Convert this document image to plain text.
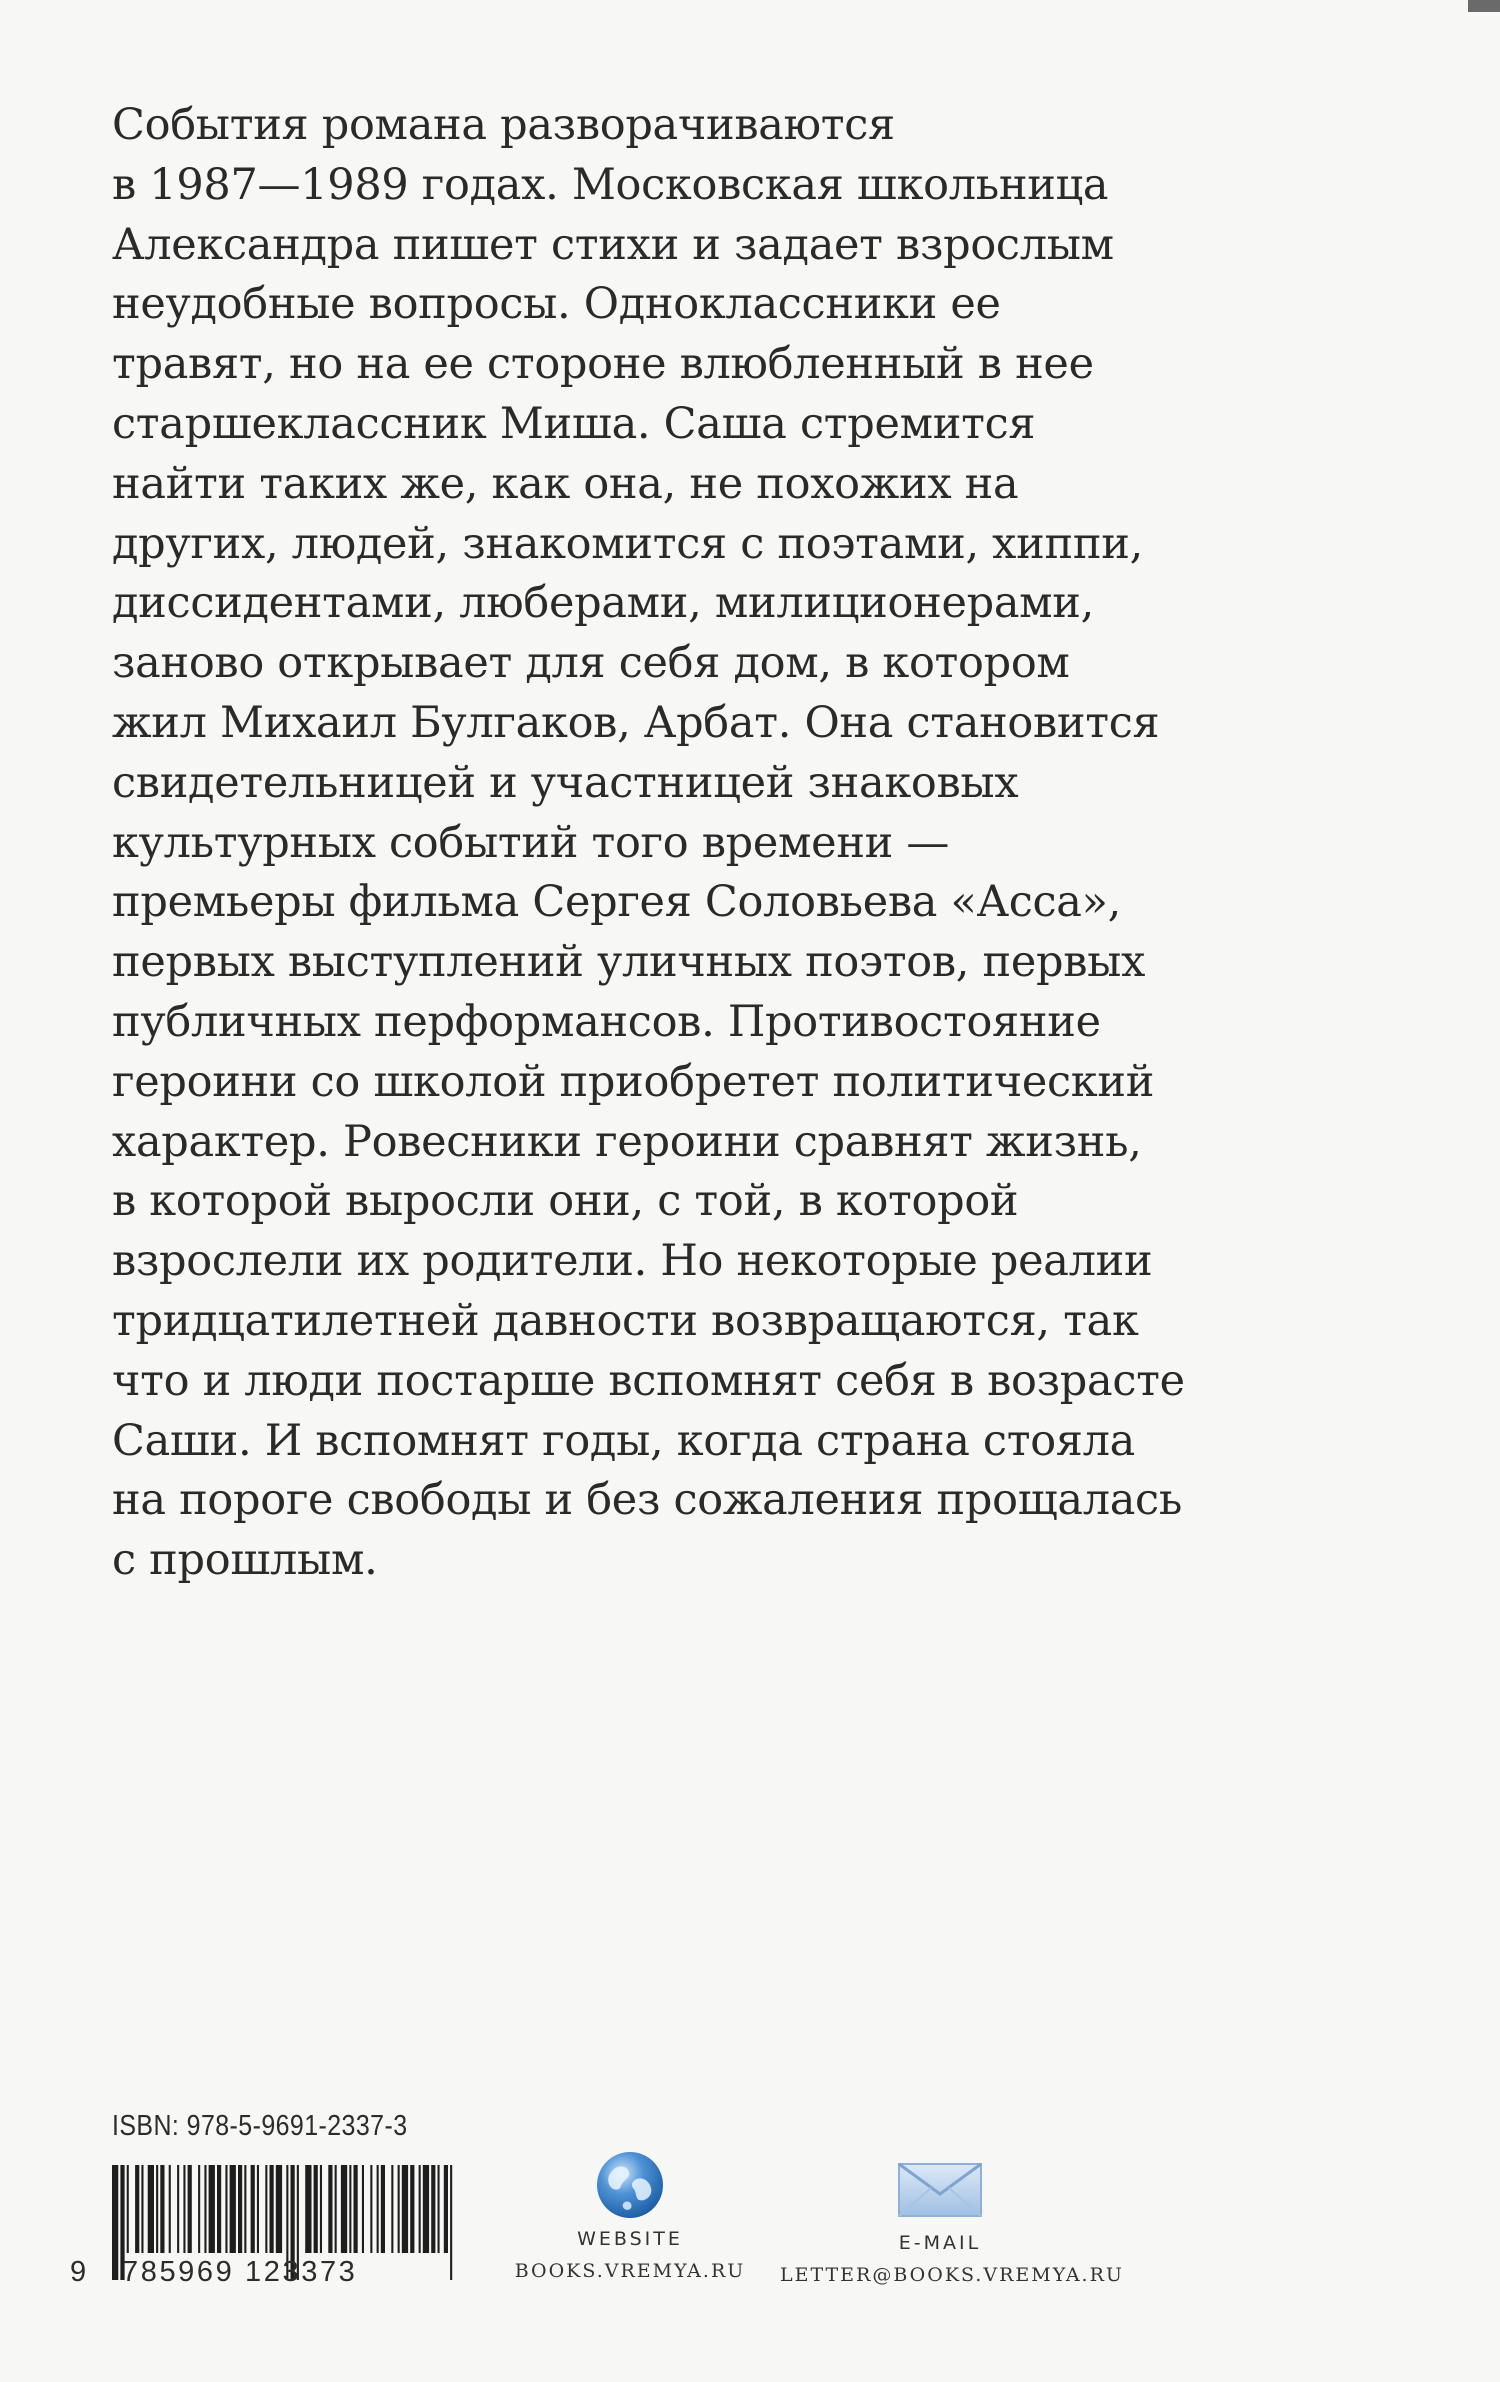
События романа разворачиваются
в 1987—1989 годах. Московская школьница
Александра пишет стихи и задает взрослым
неудобные вопросы. Одноклассники ее
травят, но на ее стороне влюбленный в нее
старшеклассник Миша. Саша стремится
найти таких же, как она, не похожих на
других, людей, знакомится с поэтами, хиппи,
диссидентами, люберами, милиционерами,
заново открывает для себя дом, в котором
жил Михаил Булгаков, Арбат. Она становится
свидетельницей и участницей знаковых
культурных событий того времени —
премьеры фильма Сергея Соловьева «Асса»,
первых выступлений уличных поэтов, первых
публичных перформансов. Противостояние
героини со школой приобретет политический
характер. Ровесники героини сравнят жизнь,
в которой выросли они, с той, в которой
взрослели их родители. Но некоторые реалии
тридцатилетней давности возвращаются, так
что и люди постарше вспомнят себя в возрасте
Саши. И вспомнят годы, когда страна стояла
на пороге свободы и без сожаления прощалась
с прошлым.
ISBN: 978-5-9691-2337-3
9 785969 123373
WEBSITE
BOOKS.VREMYA.RU
E-MAIL
LETTER@BOOKS.VREMYA.RU
